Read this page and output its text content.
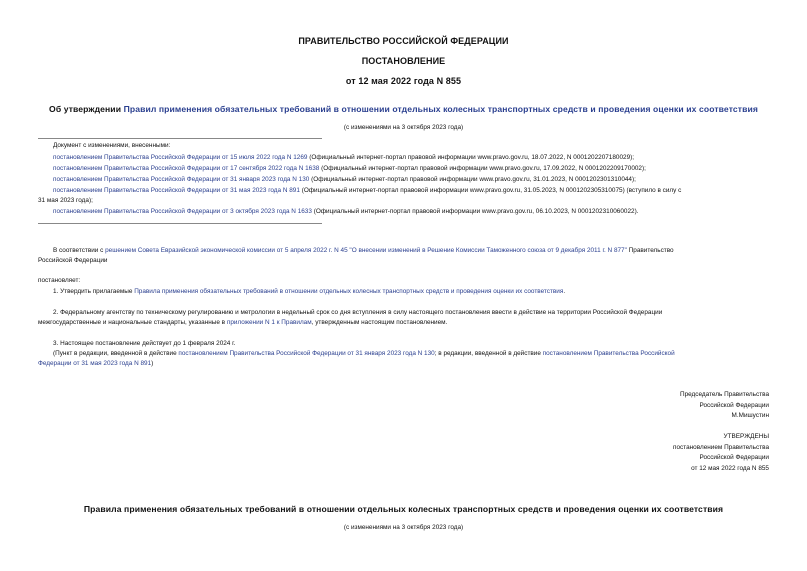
ПРАВИТЕЛЬСТВО РОССИЙСКОЙ ФЕДЕРАЦИИ
ПОСТАНОВЛЕНИЕ
от 12 мая 2022 года N 855
Об утверждении Правил применения обязательных требований в отношении отдельных колесных транспортных средств и проведения оценки их соответствия
(с изменениями на 3 октября 2023 года)
Документ с изменениями, внесенными:
постановлением Правительства Российской Федерации от 15 июля 2022 года N 1269 (Официальный интернет-портал правовой информации www.pravo.gov.ru, 18.07.2022, N 0001202207180029);
постановлением Правительства Российской Федерации от 17 сентября 2022 года N 1638 (Официальный интернет-портал правовой информации www.pravo.gov.ru, 17.09.2022, N 0001202209170002);
постановлением Правительства Российской Федерации от 31 января 2023 года N 130 (Официальный интернет-портал правовой информации www.pravo.gov.ru, 31.01.2023, N 0001202301310044);
постановлением Правительства Российской Федерации от 31 мая 2023 года N 891 (Официальный интернет-портал правовой информации www.pravo.gov.ru, 31.05.2023, N 0001202305310075) (вступило в силу с
31 мая 2023 года);
постановлением Правительства Российской Федерации от 3 октября 2023 года N 1633 (Официальный интернет-портал правовой информации www.pravo.gov.ru, 06.10.2023, N 0001202310060022).
В соответствии с решением Совета Евразийской экономической комиссии от 5 апреля 2022 г. N 45 "О внесении изменений в Решение Комиссии Таможенного союза от 9 декабря 2011 г. N 877" Правительство
Российской Федерации
постановляет:
1. Утвердить прилагаемые Правила применения обязательных требований в отношении отдельных колесных транспортных средств и проведения оценки их соответствия.
2. Федеральному агентству по техническому регулированию и метрологии в недельный срок со дня вступления в силу настоящего постановления ввести в действие на территории Российской Федерации
межгосударственные и национальные стандарты, указанные в приложении N 1 к Правилам, утвержденным настоящим постановлением.
3. Настоящее постановление действует до 1 февраля 2024 г.
(Пункт в редакции, введенной в действие постановлением Правительства Российской Федерации от 31 января 2023 года N 130; в редакции, введенной в действие постановлением Правительства Российской
Федерации от 31 мая 2023 года N 891)
Председатель Правительства
Российской Федерации
М.Мишустин
УТВЕРЖДЕНЫ
постановлением Правительства
Российской Федерации
от 12 мая 2022 года N 855
Правила применения обязательных требований в отношении отдельных колесных транспортных средств и проведения оценки их соответствия
(с изменениями на 3 октября 2023 года)
